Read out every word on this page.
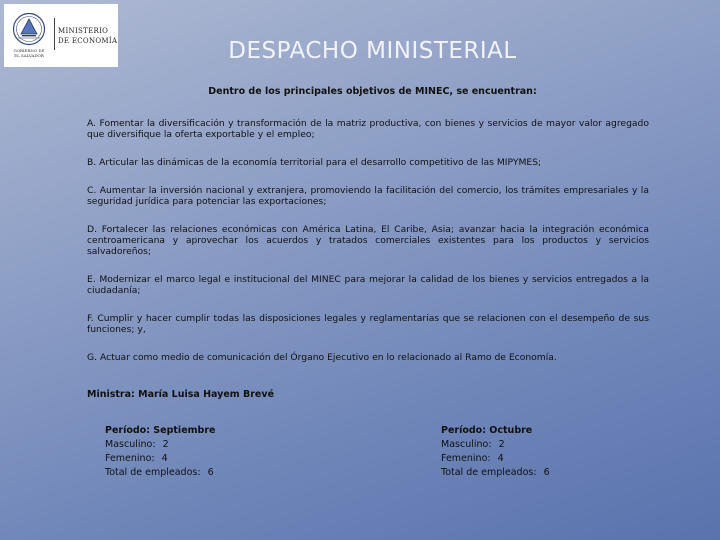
GOBIERNO DE
EL SALVADOR
MINISTERIO
DE ECONOMÍA	DESPACHO MINISTERIAL
Dentro de los principales objetivos de MINEC, se encuentran:

A. Fomentar la diversificación y transformación de la matriz productiva, con bienes y servicios de mayor valor agregado que diversifique la oferta exportable y el empleo;

B. Articular las dinámicas de la economía territorial para el desarrollo competitivo de las MIPYMES;

C. Aumentar la inversión nacional y extranjera, promoviendo la facilitación del comercio, los trámites empresariales y la seguridad jurídica para potenciar las exportaciones;

D. Fortalecer las relaciones económicas con América Latina, El Caribe, Asia; avanzar hacia la integración económica centroamericana y aprovechar los acuerdos y tratados comerciales existentes para los productos y servicios salvadoreños;

E. Modernizar el marco legal e institucional del MINEC para mejorar la calidad de los bienes y servicios entregados a la ciudadanía;

F. Cumplir y hacer cumplir todas las disposiciones legales y reglamentarias que se relacionen con el desempeño de sus funciones; y,

G. Actuar como medio de comunicación del Órgano Ejecutivo en lo relacionado al Ramo de Economía.

Ministra: María Luisa Hayem Brevé
Período: Septiembre
Masculino: 2
Femenino: 4
Total de empleados: 6
Período: Octubre
Masculino: 2
Femenino: 4
Total de empleados: 6
